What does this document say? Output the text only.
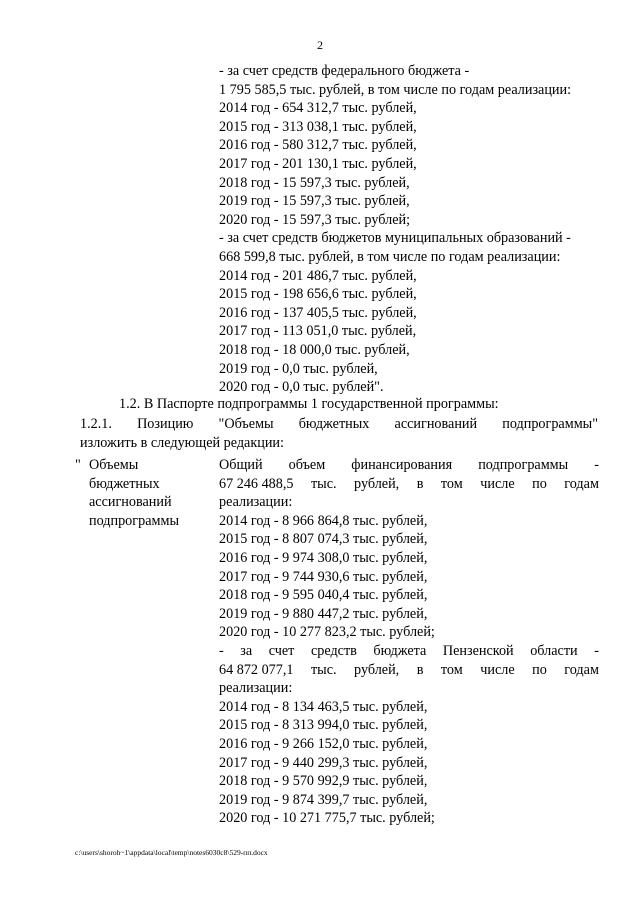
2
- за счет средств федерального бюджета -
1 795 585,5 тыс. рублей, в том числе по годам реализации:
2014 год - 654 312,7 тыс. рублей,
2015 год - 313 038,1 тыс. рублей,
2016 год - 580 312,7 тыс. рублей,
2017 год - 201 130,1 тыс. рублей,
2018 год - 15 597,3 тыс. рублей,
2019 год - 15 597,3 тыс. рублей,
2020 год - 15 597,3 тыс. рублей;
- за счет средств бюджетов муниципальных образований -
668 599,8 тыс. рублей, в том числе по годам реализации:
2014 год - 201 486,7 тыс. рублей,
2015 год - 198 656,6 тыс. рублей,
2016 год - 137 405,5 тыс. рублей,
2017 год - 113 051,0 тыс. рублей,
2018 год - 18 000,0 тыс. рублей,
2019 год - 0,0 тыс. рублей,
2020 год - 0,0 тыс. рублей".
1.2. В Паспорте подпрограммы 1 государственной программы:
1.2.1. Позицию "Объемы бюджетных ассигнований подпрограммы"
изложить в следующей редакции:
" Объемы
бюджетных
ассигнований
подпрограммы
Общий объем финансирования подпрограммы -
67 246 488,5 тыс. рублей, в том числе по годам
реализации:
2014 год - 8 966 864,8 тыс. рублей,
2015 год - 8 807 074,3 тыс. рублей,
2016 год - 9 974 308,0 тыс. рублей,
2017 год - 9 744 930,6 тыс. рублей,
2018 год - 9 595 040,4 тыс. рублей,
2019 год - 9 880 447,2 тыс. рублей,
2020 год - 10 277 823,2 тыс. рублей;
- за счет средств бюджета Пензенской области -
64 872 077,1 тыс. рублей, в том числе по годам
реализации:
2014 год - 8 134 463,5 тыс. рублей,
2015 год - 8 313 994,0 тыс. рублей,
2016 год - 9 266 152,0 тыс. рублей,
2017 год - 9 440 299,3 тыс. рублей,
2018 год - 9 570 992,9 тыс. рублей,
2019 год - 9 874 399,7 тыс. рублей,
2020 год - 10 271 775,7 тыс. рублей;
c:\users\shoroh~1\appdata\local\temp\notes6030c8\529-пп.docx
